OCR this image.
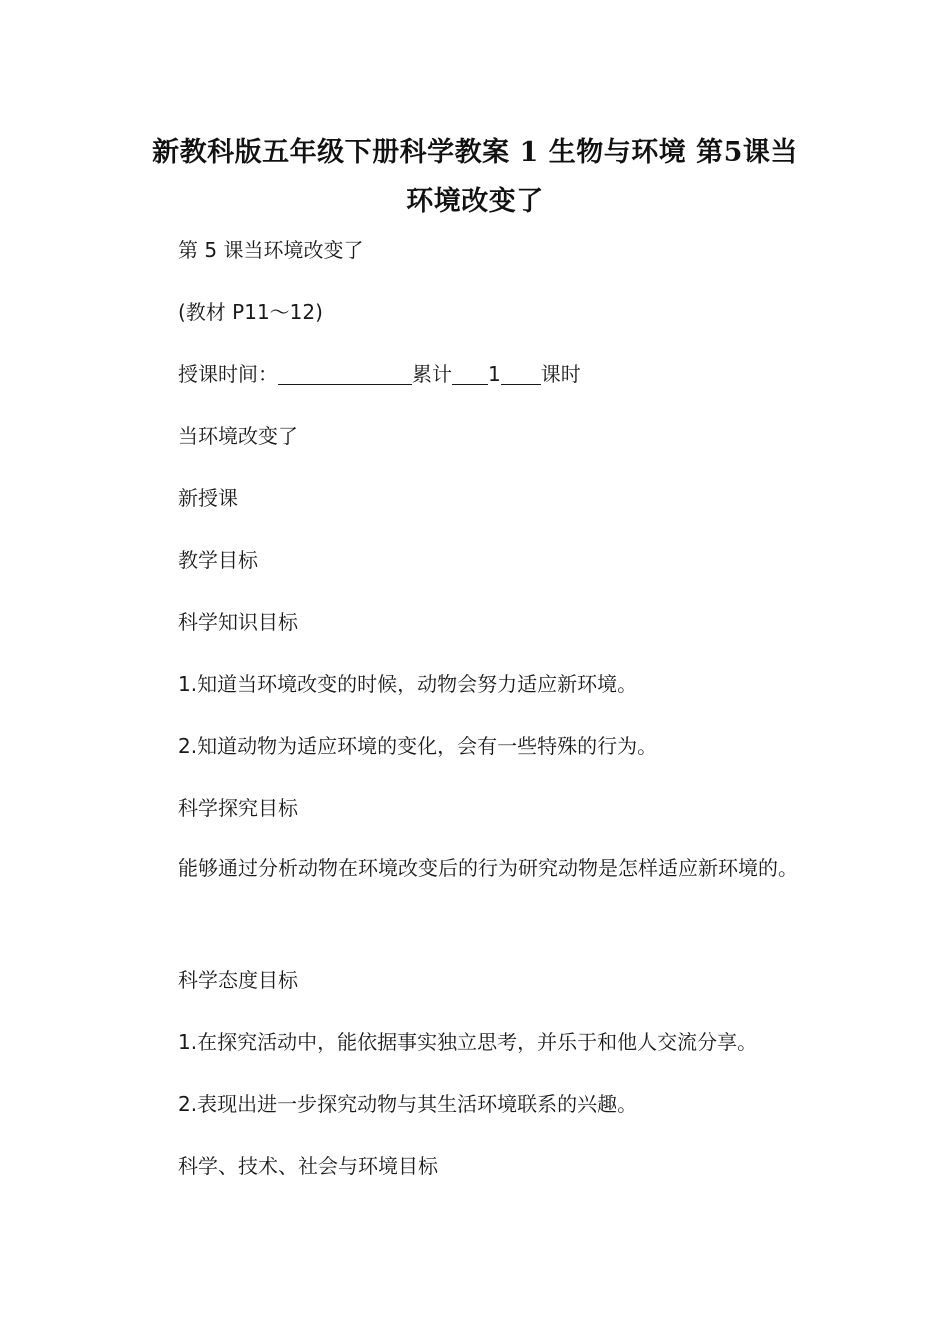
新教科版五年级下册科学教案 1 生物与环境 第5课当环境改变了
第 5 课当环境改变了
(教材 P11～12)
授课时间：	累计 1 课时
当环境改变了
新授课
教学目标
科学知识目标
1.知道当环境改变的时候，动物会努力适应新环境。
2.知道动物为适应环境的变化，会有一些特殊的行为。
科学探究目标
能够通过分析动物在环境改变后的行为研究动物是怎样适应新环境的。
科学态度目标
1.在探究活动中，能依据事实独立思考，并乐于和他人交流分享。
2.表现出进一步探究动物与其生活环境联系的兴趣。
科学、技术、社会与环境目标
